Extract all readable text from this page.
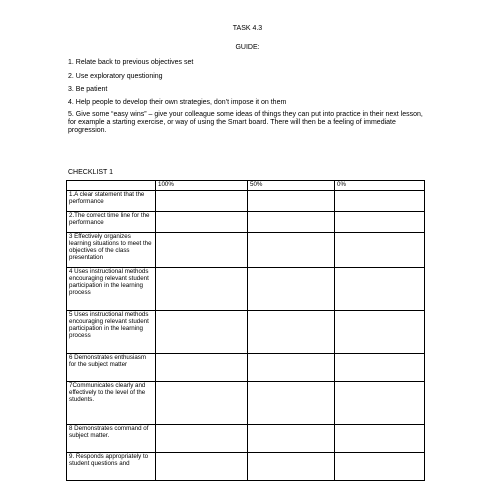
TASK 4.3
GUIDE:
1. Relate back to previous objectives set
2. Use exploratory questioning
3. Be patient
4. Help people to develop their own strategies, don’t impose it on them
5. Give some “easy wins” – give your colleague some ideas of things they can put into practice in their next lesson, for example a starting exercise, or way of using the Smart board. There will then be a feeling of immediate progression.
CHECKLIST 1
	100%	50%	0%
1.A clear statement that the performance			
2.The correct time line for the performance			
3 Effectively organizes learning situations to meet the objectives of the class presentation			
4 Uses instructional methods encouraging relevant student participation in the learning process			
5 Uses instructional methods encouraging relevant student participation in the learning process			
6 Demonstrates enthusiasm for the subject matter			
7Communicates clearly and effectively to the level of the students.			
8 Demonstrates command of subject matter.			
9. Responds appropriately to student questions and			
